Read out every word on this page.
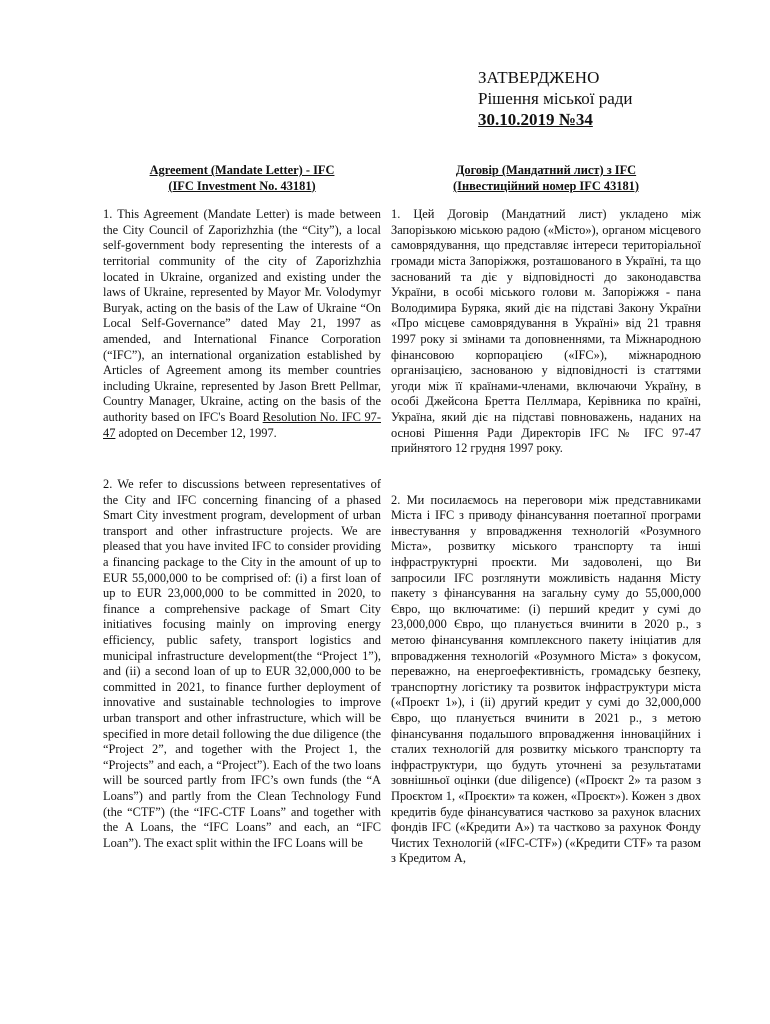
ЗАТВЕРДЖЕНО
Рішення міської ради
30.10.2019 №34
Agreement (Mandate Letter) - IFC
(IFC Investment No. 43181)

1. This Agreement (Mandate Letter) is made between the City Council of Zaporizhzhia (the “City”), a local self-government body representing the interests of a territorial community of the city of Zaporizhzhia located in Ukraine, organized and existing under the laws of Ukraine, represented by Mayor Mr. Volodymyr Buryak, acting on the basis of the Law of Ukraine “On Local Self-Governance” dated May 21, 1997 as amended, and International Finance Corporation (“IFC”), an international organization established by Articles of Agreement among its member countries including Ukraine, represented by Jason Brett Pellmar, Country Manager, Ukraine, acting on the basis of the authority based on IFC's Board Resolution No. IFC 97-47 adopted on December 12, 1997.

2. We refer to discussions between representatives of the City and IFC concerning financing of a phased Smart City investment program, development of urban transport and other infrastructure projects. We are pleased that you have invited IFC to consider providing a financing package to the City in the amount of up to EUR 55,000,000 to be comprised of: (i) a first loan of up to EUR 23,000,000 to be committed in 2020, to finance a comprehensive package of Smart City initiatives focusing mainly on improving energy efficiency, public safety, transport logistics and municipal infrastructure development(the “Project 1”), and (ii) a second loan of up to EUR 32,000,000 to be committed in 2021, to finance further deployment of innovative and sustainable technologies to improve urban transport and other infrastructure, which will be specified in more detail following the due diligence (the “Project 2”, and together with the Project 1, the “Projects” and each, a “Project”). Each of the two loans will be sourced partly from IFC’s own funds (the “A Loans”) and partly from the Clean Technology Fund (the “CTF”) (the “IFC-CTF Loans” and together with the A Loans, the “IFC Loans” and each, an “IFC Loan”). The exact split within the IFC Loans will be

Договір (Мандатний лист) з IFC
(Інвестиційний номер IFC 43181)

1. Цей Договір (Мандатний лист) укладено між Запорізькою міською радою («Місто»), органом місцевого самоврядування, що представляє інтереси територіальної громади міста Запоріжжя, розташованого в Україні, та що заснований та діє у відповідності до законодавства України, в особі міського голови м. Запоріжжя - пана Володимира Буряка, який діє на підставі Закону України «Про місцеве самоврядування в Україні» від 21 травня 1997 року зі змінами та доповненнями, та Міжнародною фінансовою корпорацією («IFC»), міжнародною організацією, заснованою у відповідності із статтями угоди між її країнами-членами, включаючи Україну, в особі Джейсона Бретта Пеллмара, Керівника по країні, Україна, який діє на підставі повноважень, наданих на основі Рішення Ради Директорів IFC № IFC 97-47 прийнятого 12 грудня 1997 року.

2. Ми посилаємось на переговори між представниками Міста і IFC з приводу фінансування поетапної програми інвестування у впровадження технологій «Розумного Міста», розвитку міського транспорту та інші інфраструктурні проєкти. Ми задоволені, що Ви запросили IFC розглянути можливість надання Місту пакету з фінансування на загальну суму до 55,000,000 Євро, що включатиме: (i) перший кредит у сумі до 23,000,000 Євро, що планується вчинити в 2020 р., з метою фінансування комплексного пакету ініціатив для впровадження технологій «Розумного Міста» з фокусом, переважно, на енергоефективність, громадську безпеку, транспортну логістику та розвиток інфраструктури міста («Проєкт 1»), і (ii) другий кредит у сумі до 32,000,000 Євро, що планується вчинити в 2021 р., з метою фінансування подальшого впровадження інноваційних і сталих технологій для розвитку міського транспорту та інфраструктури, що будуть уточнені за результатами зовнішньої оцінки (due diligence) («Проєкт 2» та разом з Проєктом 1, «Проєкти» та кожен, «Проєкт»). Кожен з двох кредитів буде фінансуватися частково за рахунок власних фондів IFC («Кредити А») та частково за рахунок Фонду Чистих Технологій («IFC-CTF») («Кредити CTF» та разом з Кредитом А,
